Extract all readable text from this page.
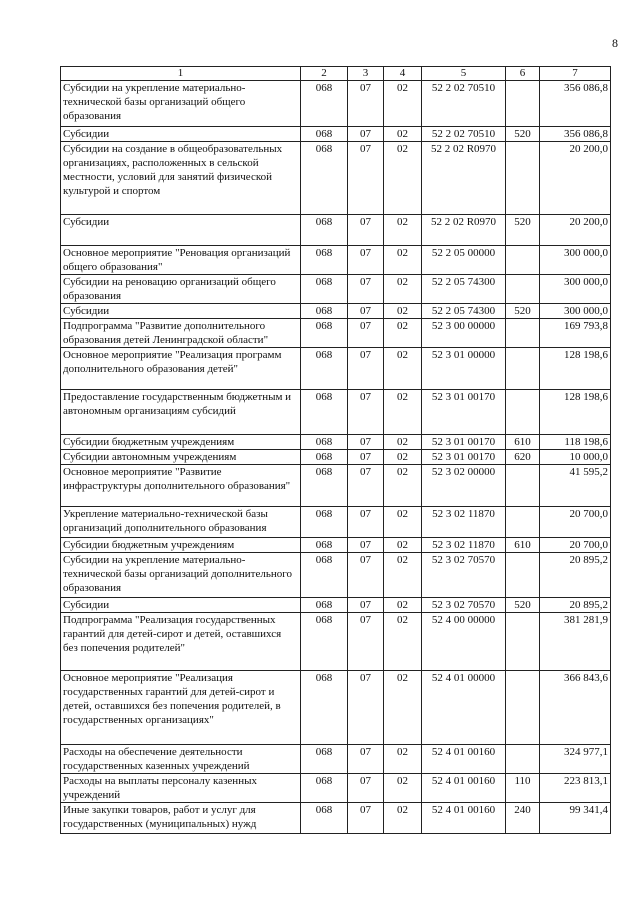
8
1	2	3	4	5	6	7
Субсидии на укрепление материально-технической базы организаций общего образования	068	07	02	52 2 02 70510		356 086,8
Субсидии	068	07	02	52 2 02 70510	520	356 086,8
Субсидии на создание в общеобразовательных организациях, расположенных в сельской местности, условий для занятий физической культурой и спортом	068	07	02	52 2 02 R0970		20 200,0
Субсидии	068	07	02	52 2 02 R0970	520	20 200,0
Основное мероприятие "Реновация организаций общего образования"	068	07	02	52 2 05 00000		300 000,0
Субсидии на реновацию организаций общего образования	068	07	02	52 2 05 74300		300 000,0
Субсидии	068	07	02	52 2 05 74300	520	300 000,0
Подпрограмма "Развитие дополнительного образования детей Ленинградской области"	068	07	02	52 3 00 00000		169 793,8
Основное мероприятие "Реализация программ дополнительного образования детей"	068	07	02	52 3 01 00000		128 198,6
Предоставление государственным бюджетным и автономным организациям субсидий	068	07	02	52 3 01 00170		128 198,6
Субсидии бюджетным учреждениям	068	07	02	52 3 01 00170	610	118 198,6
Субсидии автономным учреждениям	068	07	02	52 3 01 00170	620	10 000,0
Основное мероприятие "Развитие инфраструктуры дополнительного образования"	068	07	02	52 3 02 00000		41 595,2
Укрепление материально-технической базы организаций дополнительного образования	068	07	02	52 3 02 11870		20 700,0
Субсидии бюджетным учреждениям	068	07	02	52 3 02 11870	610	20 700,0
Субсидии на укрепление материально-технической базы организаций дополнительного образования	068	07	02	52 3 02 70570		20 895,2
Субсидии	068	07	02	52 3 02 70570	520	20 895,2
Подпрограмма "Реализация государственных гарантий для детей-сирот и детей, оставшихся без попечения родителей"	068	07	02	52 4 00 00000		381 281,9
Основное мероприятие "Реализация государственных гарантий для детей-сирот и детей, оставшихся без попечения родителей, в государственных организациях"	068	07	02	52 4 01 00000		366 843,6
Расходы на обеспечение деятельности государственных казенных учреждений	068	07	02	52 4 01 00160		324 977,1
Расходы на выплаты персоналу казенных учреждений	068	07	02	52 4 01 00160	110	223 813,1
Иные закупки товаров, работ и услуг для государственных (муниципальных) нужд	068	07	02	52 4 01 00160	240	99 341,4
